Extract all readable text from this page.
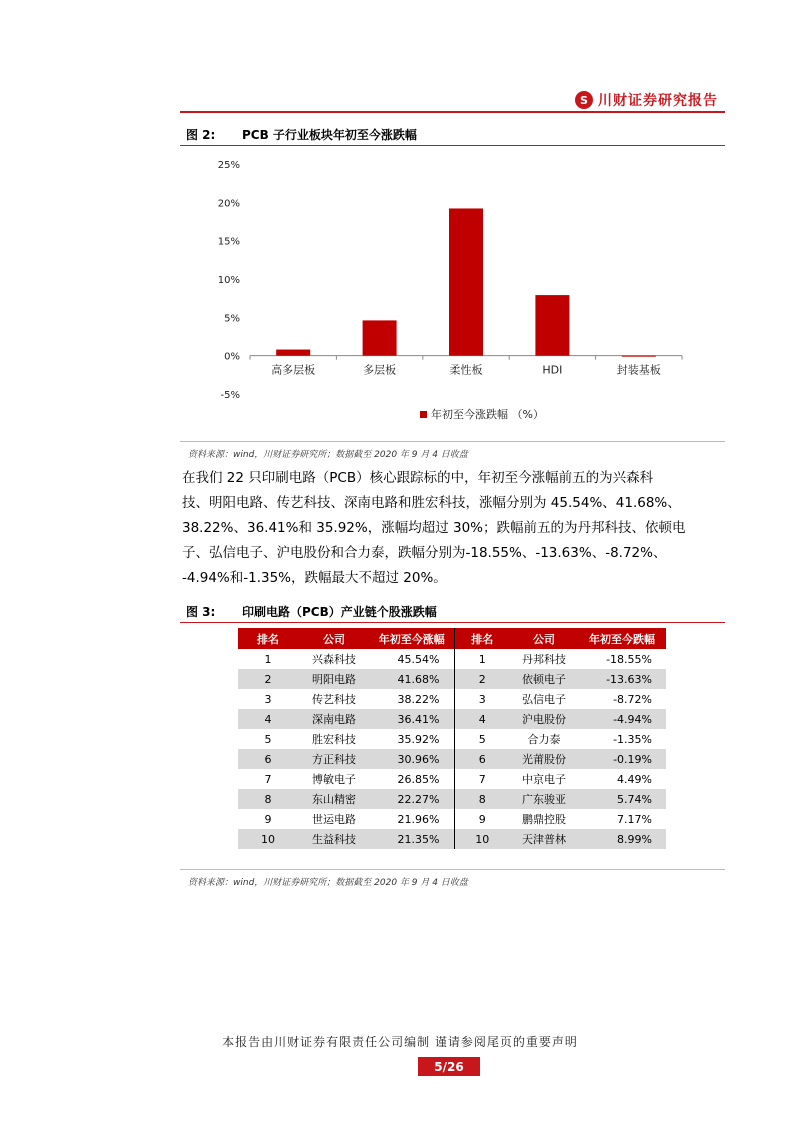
S 川财证券研究报告
图 2:	PCB 子行业板块年初至今涨跌幅
-5%
0%
5%
10%
15%
20%
25%
高多层板	多层板	柔性板	HDI	封装基板
年初至今涨跌幅 （%）
资料来源：wind，川财证券研究所；数据截至 2020 年 9 月 4 日收盘
在我们 22 只印刷电路（PCB）核心跟踪标的中，年初至今涨幅前五的为兴森科
技、明阳电路、传艺科技、深南电路和胜宏科技，涨幅分别为 45.54%、41.68%、
38.22%、36.41%和 35.92%，涨幅均超过 30%；跌幅前五的为丹邦科技、依顿电
子、弘信电子、沪电股份和合力泰，跌幅分别为-18.55%、-13.63%、-8.72%、
-4.94%和-1.35%，跌幅最大不超过 20%。
图 3:	印刷电路（PCB）产业链个股涨跌幅
排名	公司	年初至今涨幅	排名	公司	年初至今跌幅
1	兴森科技	45.54%	1	丹邦科技	-18.55%
2	明阳电路	41.68%	2	依顿电子	-13.63%
3	传艺科技	38.22%	3	弘信电子	-8.72%
4	深南电路	36.41%	4	沪电股份	-4.94%
5	胜宏科技	35.92%	5	合力泰	-1.35%
6	方正科技	30.96%	6	光莆股份	-0.19%
7	博敏电子	26.85%	7	中京电子	4.49%
8	东山精密	22.27%	8	广东骏亚	5.74%
9	世运电路	21.96%	9	鹏鼎控股	7.17%
10	生益科技	21.35%	10	天津普林	8.99%
资料来源：wind，川财证券研究所；数据截至 2020 年 9 月 4 日收盘
本报告由川财证券有限责任公司编制 谨请参阅尾页的重要声明
5/26
